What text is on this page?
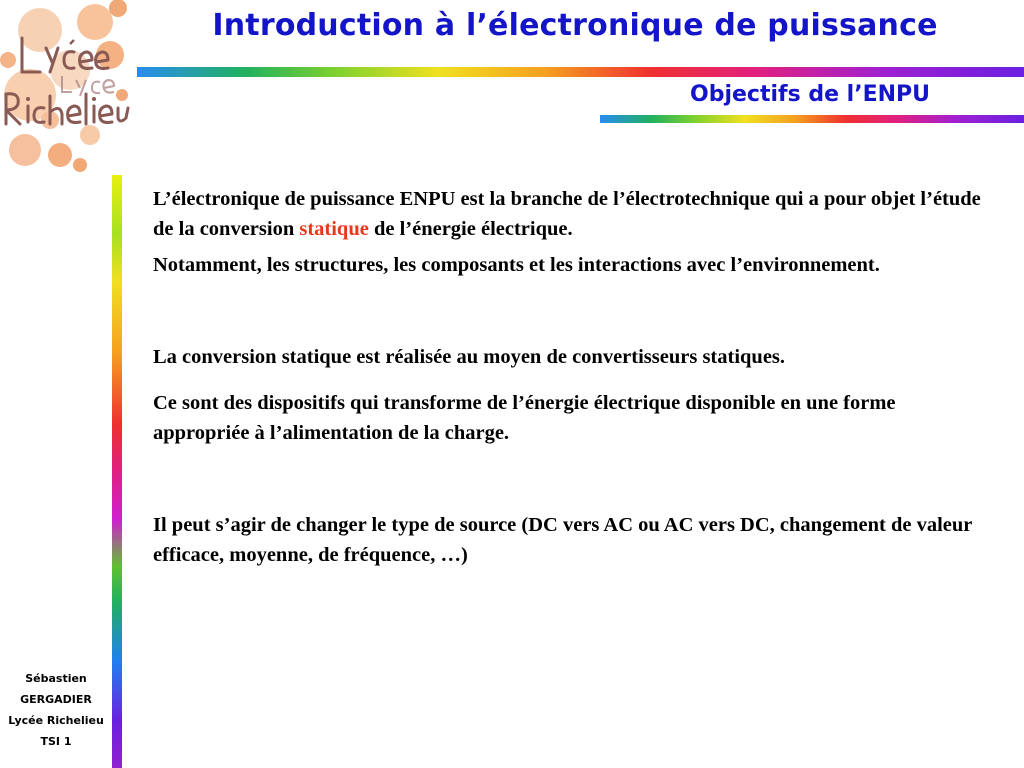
Introduction à l’électronique de puissance
Objectifs de l’ENPU
Sébastien
GERGADIER
Lycée Richelieu
TSI 1

L’électronique de puissance ENPU est la branche de l’électrotechnique qui a pour objet l’étude de la conversion statique de l’énergie électrique.

Notamment, les structures, les composants et les interactions avec l’environnement.

La conversion statique est réalisée au moyen de convertisseurs statiques.

Ce sont des dispositifs qui transforme de l’énergie électrique disponible en une forme appropriée à l’alimentation de la charge.

Il peut s’agir de changer le type de source (DC vers AC ou AC vers DC, changement de valeur efficace, moyenne, de fréquence, …)
